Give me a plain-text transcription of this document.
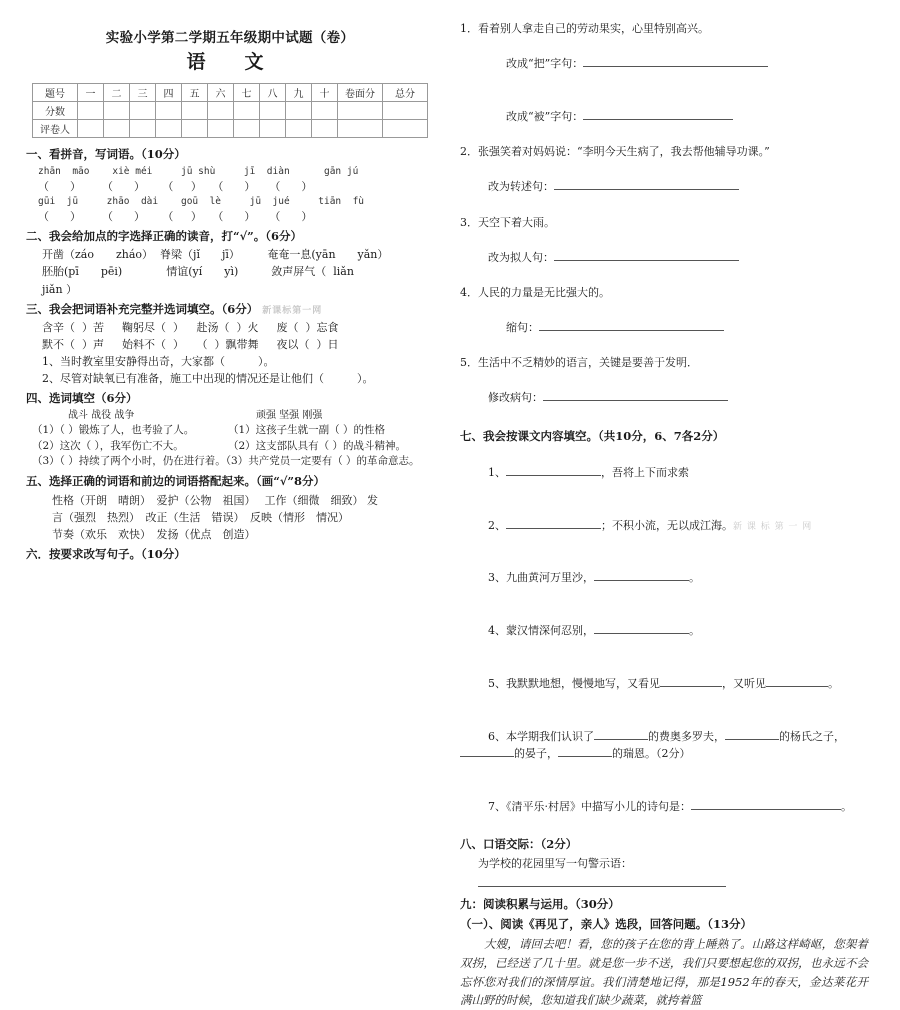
实验小学第二学期五年级期中试题（卷）
语　文
题号	一	二	三	四	五	六	七	八	九	十	卷面分	总分
分数												
评卷人												
一、看拼音，写词语。（10分）
zhān  māo    xiè méi     jū shù     jī  diàn      gān jú
（      ）      （      ）     （     ）   （      ）    （      ）
gūi  jū     zhāo  dài    goū  lè     jū  jué     tiān  fù
（      ）      （      ）     （     ）   （      ）    （      ）
二、我会给加点的字选择正确的读音，打“√”。（6分）
开凿（záo　　zháo）  脊梁（jǐ　　jī）　　　奄奄一息(yān　　yǎn）
胚胎(pī　　pēi)　　　　情谊(yí　　yì)　　　敛声屏气（  liǎn
jiǎn ）
三、我会把词语补充完整并选词填空。（6分） 新课标第一网
含辛（  ）苦　  鞠躬尽（  ）　  赴汤（  ）火　  废（  ）忘食
默不（  ）声　  始料不（  ）　  （  ）飘带舞　  夜以（  ）日
1、当时教室里安静得出奇，大家都（　　　）。
2、尽管对缺氧已有准备，施工中出现的情况还是让他们（　　　）。
四、选词填空（6分）
战斗 战役 战争	顽强 坚强 刚强
（1）（ ）锻炼了人，也考验了人。	（1）这孩子生就一副（ ）的性格
（2）这次（ ），我军伤亡不大。	（2）这支部队具有（ ）的战斗精神。
（3）（ ）持续了两个小时，仍在进行着。（3）共产党员一定要有（ ）的革命意志。
五、选择正确的词语和前边的词语搭配起来。（画“√”8分）
性格（开朗　晴朗）　爱护（公物　祖国）　 工作（细微　细致） 发
言（强烈　热烈）　改正（生活　错误）　反映（情形　情况）
节奏（欢乐　欢快）　发扬（优点　创造）
六．按要求改写句子。（10分）
1．看着别人拿走自己的劳动果实，心里特别高兴。

改成“把”字句：

改成“被”字句：

2．张强笑着对妈妈说：“李明今天生病了，我去帮他辅导功课。”

改为转述句：

3．天空下着大雨。

改为拟人句：

4．人民的力量是无比强大的。

缩句：

5．生活中不乏精妙的语言，关键是要善于发明．

修改病句：

七、我会按课文内容填空。（共10分，6、7各2分）

1、	，吾将上下而求索

2、	；不积小流，无以成江海。新 课 标 第 一 网

3、九曲黄河万里沙，	。

4、蒙汉情深何忍别，	。

5、我默默地想，慢慢地写，又看见	，又听见	。

6、本学期我们认识了	的费奥多罗夫，	的杨氏之子，的晏子，	的瑞恩。（2分）

7、《清平乐·村居》中描写小儿的诗句是：	。

八、口语交际：（2分）
为学校的花园里写一句警示语：
九：阅读积累与运用。（30分）
（一）、阅读《再见了，亲人》选段，回答问题。（13分）
大嫂，请回去吧！看，您的孩子在您的背上睡熟了。山路这样崎岖，您架着双拐，已经送了几十里。就是您一步不送，我们只要想起您的双拐，也永远不会忘怀您对我们的深情厚谊。我们清楚地记得，那是1952年的春天，金达莱花开满山野的时候，您知道我们缺少蔬菜，就挎着篮
